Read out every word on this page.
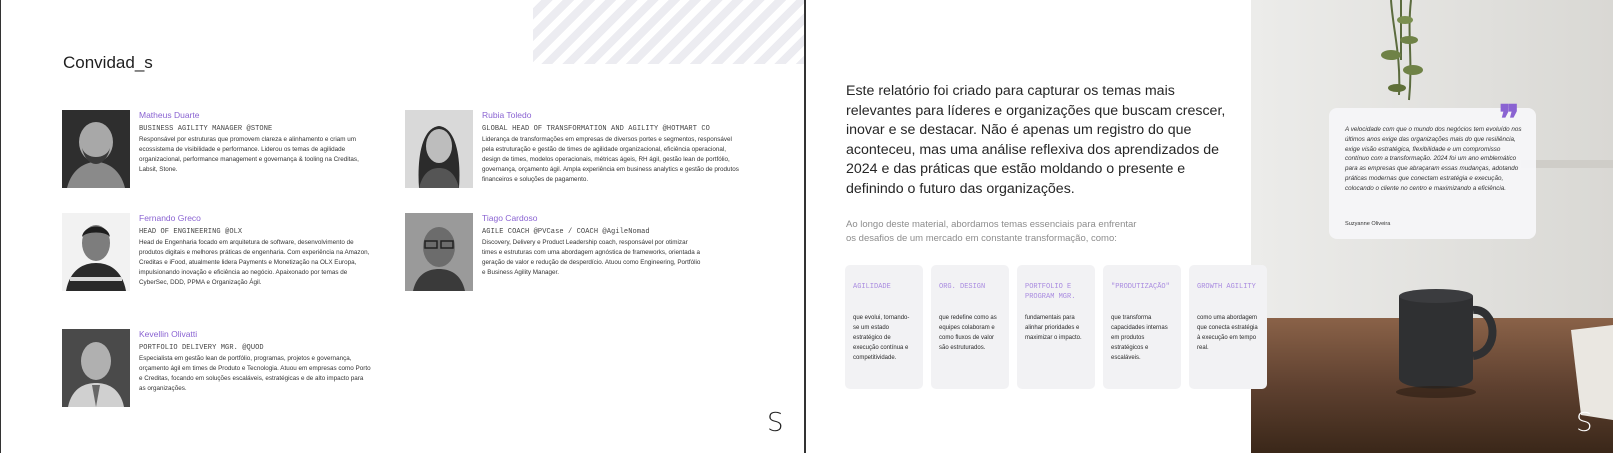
Convidad_s
Matheus Duarte
BUSINESS AGILITY MANAGER @STONE
Responsável por estruturas que promovem clareza e alinhamento e criam um ecossistema de visibilidade e performance. Liderou os temas de agilidade organizacional, performance management e governança & tooling na Creditas, Labsit, Stone.
Rubia Toledo
GLOBAL HEAD OF TRANSFORMATION AND AGILITY @HOTMART CO
Liderança de transformações em empresas de diversos portes e segmentos, responsável pela estruturação e gestão de times de agilidade organizacional, eficiência operacional, design de times, modelos operacionais, métricas ágeis, RH ágil, gestão lean de portfólio, governança, orçamento ágil. Ampla experiência em business analytics e gestão de produtos financeiros e soluções de pagamento.
Fernando Greco
HEAD OF ENGINEERING @OLX
Head de Engenharia focado em arquitetura de software, desenvolvimento de produtos digitais e melhores práticas de engenharia. Com experiência na Amazon, Creditas e iFood, atualmente lidera Payments e Monetização na OLX Europa, impulsionando inovação e eficiência ao negócio. Apaixonado por temas de CyberSec, DDD, PPMA e Organização Ágil.
Tiago Cardoso
AGILE COACH @PVCase / COACH @AgileNomad
Discovery, Delivery e Product Leadership coach, responsável por otimizar times e estruturas com uma abordagem agnóstica de frameworks, orientada a geração de valor e redução de desperdício. Atuou como Engineering, Portfólio e Business Agility Manager.
Kevellin Olivatti
PORTFOLIO DELIVERY MGR. @QUOD
Especialista em gestão lean de portfólio, programas, projetos e governança, orçamento ágil em times de Produto e Tecnologia. Atuou em empresas como Porto e Creditas, focando em soluções escaláveis, estratégicas e de alto impacto para as organizações.
S
Este relatório foi criado para capturar os temas mais relevantes para líderes e organizações que buscam crescer, inovar e se destacar. Não é apenas um registro do que aconteceu, mas uma análise reflexiva dos aprendizados de 2024 e das práticas que estão moldando o presente e definindo o futuro das organizações.
Ao longo deste material, abordamos temas essenciais para enfrentar os desafios de um mercado em constante transformação, como:
AGILIDADE
que evolui, tornando-se um estado estratégico de execução contínua e competitividade.
ORG. DESIGN
que redefine como as equipes colaboram e como fluxos de valor são estruturados.
PORTFOLIO E PROGRAM MGR.
fundamentais para alinhar prioridades e maximizar o impacto.
"PRODUTIZAÇÃO"
que transforma capacidades internas em produtos estratégicos e escaláveis.
GROWTH AGILITY
como uma abordagem que conecta estratégia à execução em tempo real.
❞
A velocidade com que o mundo dos negócios tem evoluído nos últimos anos exige das organizações mais do que resiliência, exige visão estratégica, flexibilidade e um compromisso contínuo com a transformação. 2024 foi um ano emblemático para as empresas que abraçaram essas mudanças, adotando práticas modernas que conectam estratégia e execução, colocando o cliente no centro e maximizando a eficiência.
Suzyanne Oliveira
S
